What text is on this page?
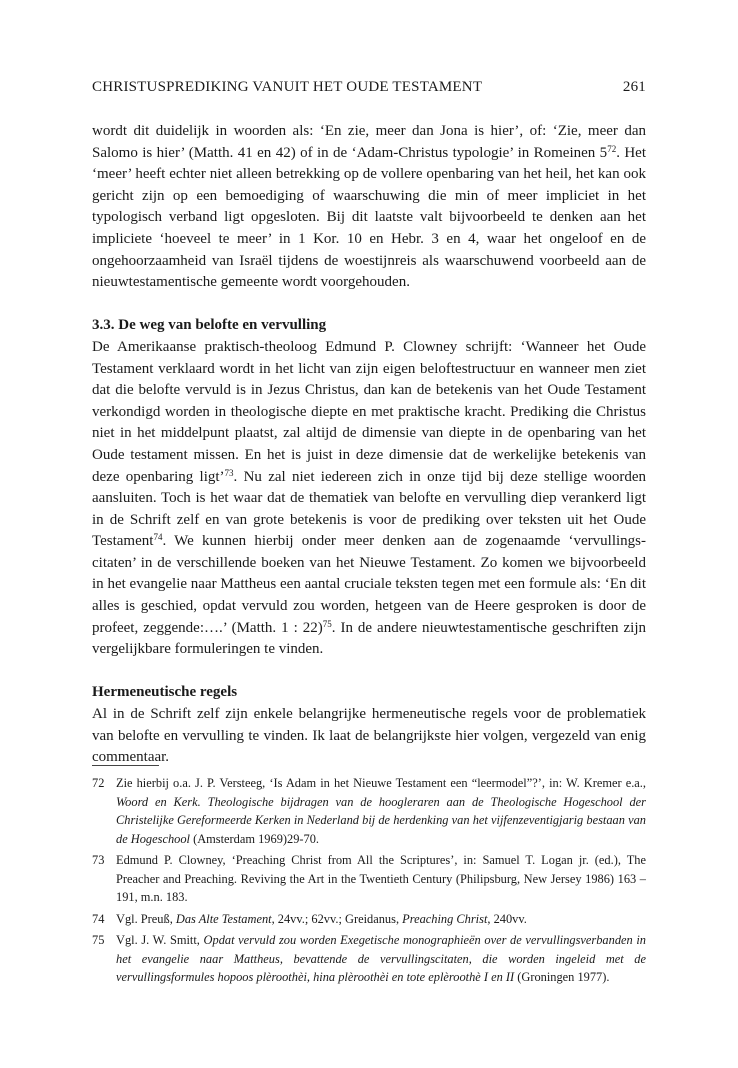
CHRISTUSPREDIKING VANUIT HET OUDE TESTAMENT	261

wordt dit duidelijk in woorden als: ‘En zie, meer dan Jona is hier’, of: ‘Zie, meer dan Salomo is hier’ (Matth. 41 en 42) of in de ‘Adam-Christus typologie’ in Romeinen $5^{72}$. Het ‘meer’ heeft echter niet alleen betrekking op de vollere openbaring van het heil, het kan ook gericht zijn op een bemoediging of waarschuwing die min of meer impliciet in het typologisch verband ligt opgesloten. Bij dit laatste valt bijvoorbeeld te denken aan het impliciete ‘hoeveel te meer’ in 1 Kor. 10 en Hebr. 3 en 4, waar het ongeloof en de ongehoorzaamheid van Israël tijdens de woestijnreis als waarschuwend voorbeeld aan de nieuwtestamentische gemeente wordt voorgehouden.

3.3. De weg van belofte en vervulling

De Amerikaanse praktisch-theoloog Edmund P. Clowney schrijft: ‘Wanneer het Oude Testament verklaard wordt in het licht van zijn eigen beloftestructuur en wanneer men ziet dat die belofte vervuld is in Jezus Christus, dan kan de betekenis van het Oude Testament verkondigd worden in theologische diepte en met praktische kracht. Prediking die Christus niet in het middelpunt plaatst, zal altijd de dimensie van diepte in de openbaring van het Oude testament missen. En het is juist in deze dimensie dat de werkelijke betekenis van deze openbaring ligt’$^{73}$. Nu zal niet iedereen zich in onze tijd bij deze stellige woorden aansluiten. Toch is het waar dat de thematiek van belofte en vervulling diep verankerd ligt in de Schrift zelf en van grote betekenis is voor de prediking over teksten uit het Oude Testament$^{74}$. We kunnen hierbij onder meer denken aan de zogenaamde ‘vervullings-citaten’ in de verschillende boeken van het Nieuwe Testament. Zo komen we bijvoorbeeld in het evangelie naar Mattheus een aantal cruciale teksten tegen met een formule als: ‘En dit alles is geschied, opdat vervuld zou worden, hetgeen van de Heere gesproken is door de profeet, zeggende:….’ (Matth. 1 : 22)$^{75}$. In de andere nieuwtestamentische geschriften zijn vergelijkbare formuleringen te vinden.

Hermeneutische regels

Al in de Schrift zelf zijn enkele belangrijke hermeneutische regels voor de problematiek van belofte en vervulling te vinden. Ik laat de belangrijkste hier volgen, vergezeld van enig commentaar.

72 Zie hierbij o.a. J. P. Versteeg, ‘Is Adam in het Nieuwe Testament een “leermodel”?’, in: W. Kremer e.a., Woord en Kerk. Theologische bijdragen van de hoogleraren aan de Theologische Hogeschool der Christelijke Gereformeerde Kerken in Nederland bij de herdenking van het vijfenzeventigjarig bestaan van de Hogeschool (Amsterdam 1969)29-70.
73 Edmund P. Clowney, ‘Preaching Christ from All the Scriptures’, in: Samuel T. Logan jr. (ed.), The Preacher and Preaching. Reviving the Art in the Twentieth Century (Philipsburg, New Jersey 1986) 163 – 191, m.n. 183.
74 Vgl. Preuß, Das Alte Testament, 24vv.; 62vv.; Greidanus, Preaching Christ, 240vv.
75 Vgl. J. W. Smitt, Opdat vervuld zou worden Exegetische monographieën over de vervullingsverbanden in het evangelie naar Mattheus, bevattende de vervullingscitaten, die worden ingeleid met de vervullingsformules hopoos plèroothèi, hina plèroothèi en tote eplèroothè I en II (Groningen 1977).
